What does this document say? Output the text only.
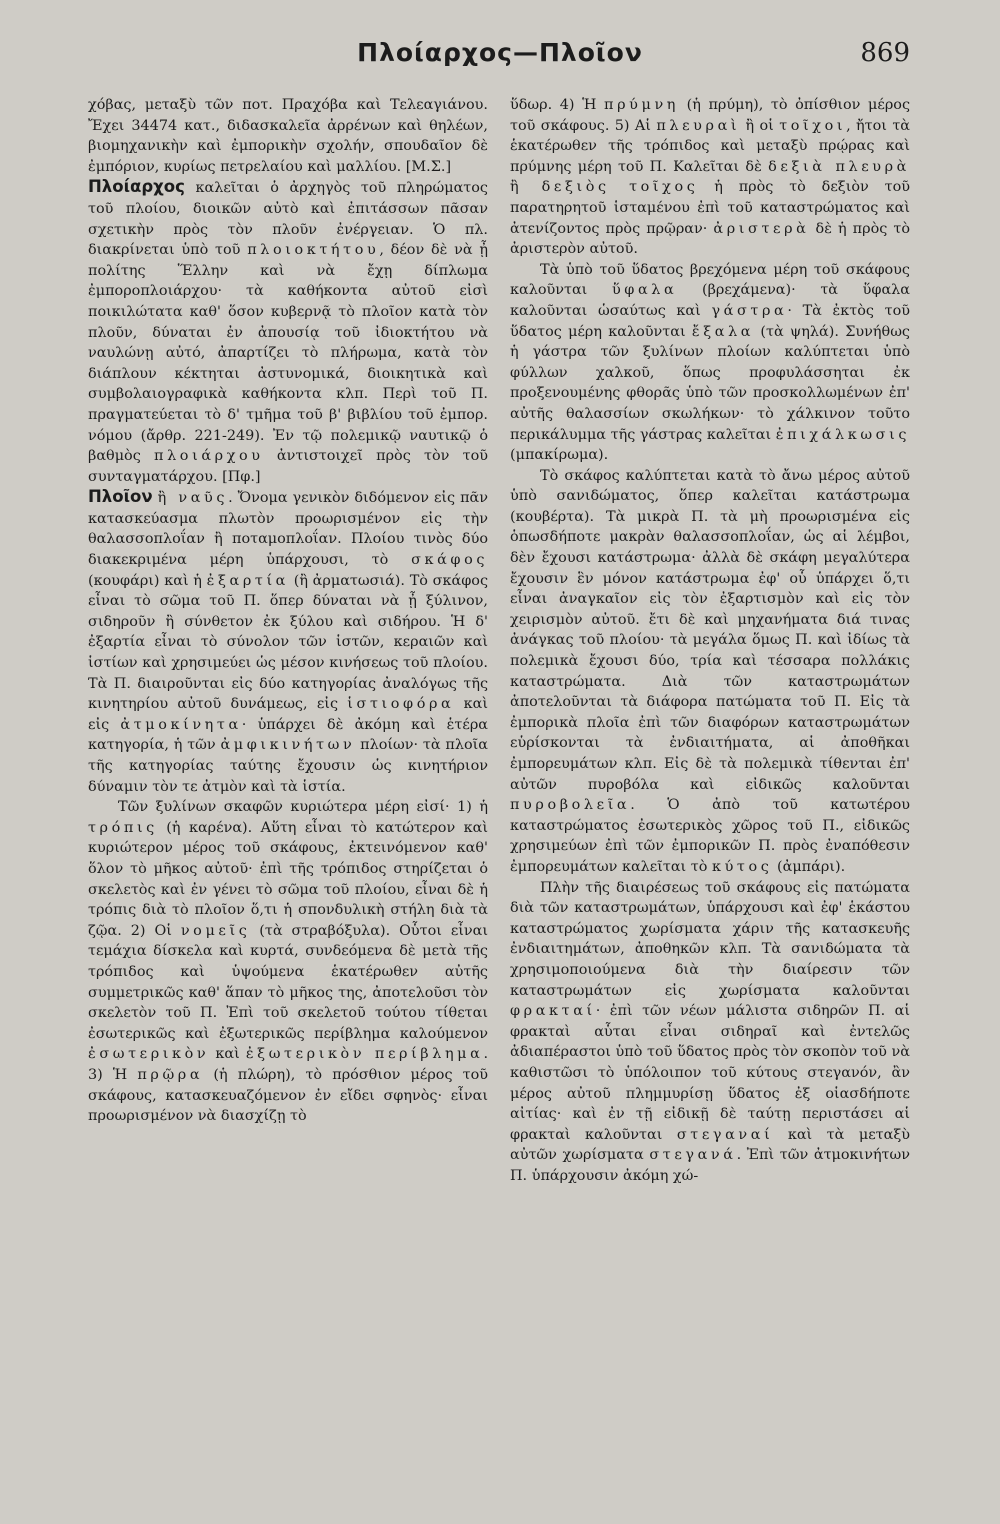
Πλοίαρχος—Πλοῖον	869

χόβας, μεταξὺ τῶν ποτ. Πραχόβα καὶ Τελεαγιάνου. Ἔχει 34474 κατ., διδασκαλεῖα ἀρρένων καὶ θηλέων, βιομηχανικὴν καὶ ἐμπορικὴν σχολήν, σπουδαῖον δὲ ἐμπόριον, κυρίως πετρελαίου καὶ μαλλίου. [Μ.Σ.]

Πλοίαρχος καλεῖται ὁ ἀρχηγὸς τοῦ πληρώματος τοῦ πλοίου, διοικῶν αὐτὸ καὶ ἐπιτάσσων πᾶσαν σχετικὴν πρὸς τὸν πλοῦν ἐνέργειαν. Ὁ πλ. διακρίνεται ὑπὸ τοῦ πλοιοκτήτου, δέον δὲ νὰ ᾖ πολίτης Ἕλλην καὶ νὰ ἔχῃ δίπλωμα ἐμποροπλοιάρχου· τὰ καθήκοντα αὐτοῦ εἰσὶ ποικιλώτατα καθ' ὅσον κυβερνᾷ τὸ πλοῖον κατὰ τὸν πλοῦν, δύναται ἐν ἀπουσίᾳ τοῦ ἰδιοκτήτου νὰ ναυλώνῃ αὐτό, ἀπαρτίζει τὸ πλήρωμα, κατὰ τὸν διάπλουν κέκτηται ἀστυνομικά, διοικητικὰ καὶ συμβολαιογραφικὰ καθήκοντα κλπ. Περὶ τοῦ Π. πραγματεύεται τὸ δ' τμῆμα τοῦ β' βιβλίου τοῦ ἐμπορ. νόμου (ἄρθρ. 221-249). Ἐν τῷ πολεμικῷ ναυτικῷ ὁ βαθμὸς πλοιάρχου ἀντιστοιχεῖ πρὸς τὸν τοῦ συνταγματάρχου. [Πφ.]

Πλοῖον ἢ ναῦς. Ὄνομα γενικὸν διδόμενον εἰς πᾶν κατασκεύασμα πλωτὸν προωρισμένον εἰς τὴν θαλασσοπλοΐαν ἢ ποταμοπλοΐαν. Πλοίου τινὸς δύο διακεκριμένα μέρη ὑπάρχουσι, τὸ σκάφος (κουφάρι) καὶ ἡ ἐξαρτία (ἢ ἀρματωσιά). Τὸ σκάφος εἶναι τὸ σῶμα τοῦ Π. ὅπερ δύναται νὰ ᾖ ξύλινον, σιδηροῦν ἢ σύνθετον ἐκ ξύλου καὶ σιδήρου. Ἡ δ' ἐξαρτία εἶναι τὸ σύνολον τῶν ἱστῶν, κεραιῶν καὶ ἱστίων καὶ χρησιμεύει ὡς μέσον κινήσεως τοῦ πλοίου. Τὰ Π. διαιροῦνται εἰς δύο κατηγορίας ἀναλόγως τῆς κινητηρίου αὐτοῦ δυνάμεως, εἰς ἱστιοφόρα καὶ εἰς ἀτμοκίνητα· ὑπάρχει δὲ ἀκόμη καὶ ἑτέρα κατηγορία, ἡ τῶν ἀμφικινήτων πλοίων· τὰ πλοῖα τῆς κατηγορίας ταύτης ἔχουσιν ὡς κινητήριον δύναμιν τὸν τε ἀτμὸν καὶ τὰ ἱστία.

Τῶν ξυλίνων σκαφῶν κυριώτερα μέρη εἰσί· 1) ἡ τρόπις (ἡ καρένα). Αὕτη εἶναι τὸ κατώτερον καὶ κυριώτερον μέρος τοῦ σκάφους, ἐκτεινόμενον καθ' ὅλον τὸ μῆκος αὐτοῦ· ἐπὶ τῆς τρόπιδος στηρίζεται ὁ σκελετὸς καὶ ἐν γένει τὸ σῶμα τοῦ πλοίου, εἶναι δὲ ἡ τρόπις διὰ τὸ πλοῖον ὅ,τι ἡ σπονδυλικὴ στήλη διὰ τὰ ζῷα. 2) Οἱ νομεῖς (τὰ στραβόξυλα). Οὗτοι εἶναι τεμάχια δίσκελα καὶ κυρτά, συνδεόμενα δὲ μετὰ τῆς τρόπιδος καὶ ὑψούμενα ἑκατέρωθεν αὐτῆς συμμετρικῶς καθ' ἅπαν τὸ μῆκος της, ἀποτελοῦσι τὸν σκελετὸν τοῦ Π. Ἐπὶ τοῦ σκελετοῦ τούτου τίθεται ἐσωτερικῶς καὶ ἐξωτερικῶς περίβλημα καλούμενον ἐσωτερικὸν καὶ ἐξωτερικὸν περίβλημα. 3) Ἡ πρῷρα (ἡ πλώρη), τὸ πρόσθιον μέρος τοῦ σκάφους, κατασκευαζόμενον ἐν εἴδει σφηνὸς· εἶναι προωρισμένον νὰ διασχίζῃ τὸ

ὕδωρ. 4) Ἡ πρύμνη (ἡ πρύμη), τὸ ὀπίσθιον μέρος τοῦ σκάφους. 5) Αἱ πλευραὶ ἢ οἱ τοῖχοι, ἤτοι τὰ ἑκατέρωθεν τῆς τρόπιδος καὶ μεταξὺ πρῴρας καὶ πρύμνης μέρη τοῦ Π. Καλεῖται δὲ δεξιὰ πλευρὰ ἢ δεξιὸς τοῖχος ἡ πρὸς τὸ δεξιὸν τοῦ παρατηρητοῦ ἱσταμένου ἐπὶ τοῦ καταστρώματος καὶ ἀτενίζοντος πρὸς πρῷραν· ἀριστερὰ δὲ ἡ πρὸς τὸ ἀριστερὸν αὐτοῦ.

Τὰ ὑπὸ τοῦ ὕδατος βρεχόμενα μέρη τοῦ σκάφους καλοῦνται ὕφαλα (βρεχάμενα)· τὰ ὕφαλα καλοῦνται ὡσαύτως καὶ γάστρα· Τὰ ἐκτὸς τοῦ ὕδατος μέρη καλοῦνται ἔξαλα (τὰ ψηλά). Συνήθως ἡ γάστρα τῶν ξυλίνων πλοίων καλύπτεται ὑπὸ φύλλων χαλκοῦ, ὅπως προφυλάσσηται ἐκ προξενουμένης φθορᾶς ὑπὸ τῶν προσκολλωμένων ἐπ' αὐτῆς θαλασσίων σκωλήκων· τὸ χάλκινον τοῦτο περικάλυμμα τῆς γάστρας καλεῖται ἐπιχάλκωσις (μπακίρωμα).

Τὸ σκάφος καλύπτεται κατὰ τὸ ἄνω μέρος αὐτοῦ ὑπὸ σανιδώματος, ὅπερ καλεῖται κατάστρωμα (κουβέρτα). Τὰ μικρὰ Π. τὰ μὴ προωρισμένα εἰς ὁπωσδήποτε μακρὰν θαλασσοπλοΐαν, ὡς αἱ λέμβοι, δὲν ἔχουσι κατάστρωμα· ἀλλὰ δὲ σκάφη μεγαλύτερα ἔχουσιν ἓν μόνον κατάστρωμα ἐφ' οὗ ὑπάρχει ὅ,τι εἶναι ἀναγκαῖον εἰς τὸν ἐξαρτισμὸν καὶ εἰς τὸν χειρισμὸν αὐτοῦ. ἔτι δὲ καὶ μηχανήματα διά τινας ἀνάγκας τοῦ πλοίου· τὰ μεγάλα ὅμως Π. καὶ ἰδίως τὰ πολεμικὰ ἔχουσι δύο, τρία καὶ τέσσαρα πολλάκις καταστρώματα. Διὰ τῶν καταστρωμάτων ἀποτελοῦνται τὰ διάφορα πατώματα τοῦ Π. Εἰς τὰ ἐμπορικὰ πλοῖα ἐπὶ τῶν διαφόρων καταστρωμάτων εὑρίσκονται τὰ ἐνδιαιτήματα, αἱ ἀποθῆκαι ἐμπορευμάτων κλπ. Εἰς δὲ τὰ πολεμικὰ τίθενται ἐπ' αὐτῶν πυροβόλα καὶ εἰδικῶς καλοῦνται πυροβολεῖα. Ὁ ἀπὸ τοῦ κατωτέρου καταστρώματος ἐσωτερικὸς χῶρος τοῦ Π., εἰδικῶς χρησιμεύων ἐπὶ τῶν ἐμπορικῶν Π. πρὸς ἐναπόθεσιν ἐμπορευμάτων καλεῖται τὸ κύτος (ἀμπάρι).

Πλὴν τῆς διαιρέσεως τοῦ σκάφους εἰς πατώματα διὰ τῶν καταστρωμάτων, ὑπάρχουσι καὶ ἐφ' ἑκάστου καταστρώματος χωρίσματα χάριν τῆς κατασκευῆς ἐνδιαιτημάτων, ἀποθηκῶν κλπ. Τὰ σανιδώματα τὰ χρησιμοποιούμενα διὰ τὴν διαίρεσιν τῶν καταστρωμάτων εἰς χωρίσματα καλοῦνται φρακταί· ἐπὶ τῶν νέων μάλιστα σιδηρῶν Π. αἱ φρακταὶ αὗται εἶναι σιδηραῖ καὶ ἐντελῶς ἀδιαπέραστοι ὑπὸ τοῦ ὕδατος πρὸς τὸν σκοπὸν τοῦ νὰ καθιστῶσι τὸ ὑπόλοιπον τοῦ κύτους στεγανόν, ἂν μέρος αὐτοῦ πλημμυρίσῃ ὕδατος ἐξ οἱασδήποτε αἰτίας· καὶ ἐν τῇ εἰδικῇ δὲ ταύτῃ περιστάσει αἱ φρακταὶ καλοῦνται στεγαναί καὶ τὰ μεταξὺ αὐτῶν χωρίσματα στεγανά. Ἐπὶ τῶν ἀτμοκινήτων Π. ὑπάρχουσιν ἀκόμη χώ-
